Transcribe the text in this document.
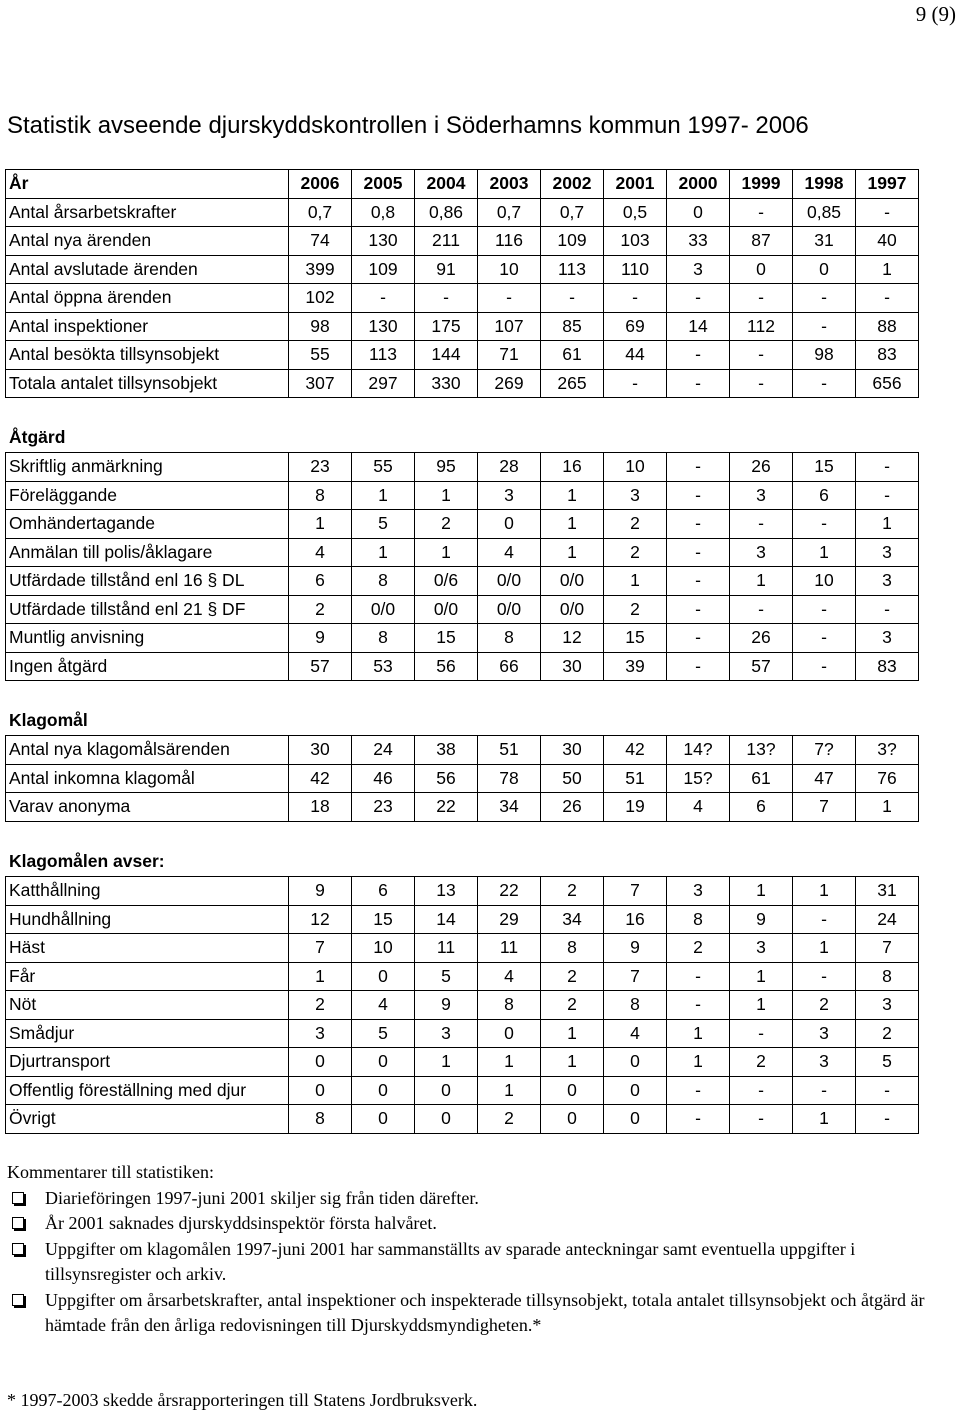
9 (9)
Statistik avseende djurskyddskontrollen i Söderhamns kommun 1997- 2006
År	2006	2005	2004	2003	2002	2001	2000	1999	1998	1997
Antal årsarbetskrafter	0,7	0,8	0,86	0,7	0,7	0,5	0	-	0,85	-
Antal nya ärenden	74	130	211	116	109	103	33	87	31	40
Antal avslutade ärenden	399	109	91	10	113	110	3	0	0	1
Antal öppna ärenden	102	-	-	-	-	-	-	-	-	-
Antal inspektioner	98	130	175	107	85	69	14	112	-	88
Antal besökta tillsynsobjekt	55	113	144	71	61	44	-	-	98	83
Totala antalet tillsynsobjekt	307	297	330	269	265	-	-	-	-	656
Åtgärd
Skriftlig anmärkning	23	55	95	28	16	10	-	26	15	-
Föreläggande	8	1	1	3	1	3	-	3	6	-
Omhändertagande	1	5	2	0	1	2	-	-	-	1
Anmälan till polis/åklagare	4	1	1	4	1	2	-	3	1	3
Utfärdade tillstånd enl 16 § DL	6	8	0/6	0/0	0/0	1	-	1	10	3
Utfärdade tillstånd enl 21 § DF	2	0/0	0/0	0/0	0/0	2	-	-	-	-
Muntlig anvisning	9	8	15	8	12	15	-	26	-	3
Ingen åtgärd	57	53	56	66	30	39	-	57	-	83
Klagomål
Antal nya klagomålsärenden	30	24	38	51	30	42	14?	13?	7?	3?
Antal inkomna klagomål	42	46	56	78	50	51	15?	61	47	76
Varav anonyma	18	23	22	34	26	19	4	6	7	1
Klagomålen avser:
Katthållning	9	6	13	22	2	7	3	1	1	31
Hundhållning	12	15	14	29	34	16	8	9	-	24
Häst	7	10	11	11	8	9	2	3	1	7
Får	1	0	5	4	2	7	-	1	-	8
Nöt	2	4	9	8	2	8	-	1	2	3
Smådjur	3	5	3	0	1	4	1	-	3	2
Djurtransport	0	0	1	1	1	0	1	2	3	5
Offentlig föreställning med djur	0	0	0	1	0	0	-	-	-	-
Övrigt	8	0	0	2	0	0	-	-	1	-
Kommentarer till statistiken:
Diarieföringen 1997-juni 2001 skiljer sig från tiden därefter.
År 2001 saknades djurskyddsinspektör första halvåret.
Uppgifter om klagomålen 1997-juni 2001 har sammanställts av sparade anteckningar samt eventuella uppgifter i tillsynsregister och arkiv.
Uppgifter om årsarbetskrafter, antal inspektioner och inspekterade tillsynsobjekt, totala antalet tillsynsobjekt och åtgärd är hämtade från den årliga redovisningen till Djurskyddsmyndigheten.*
* 1997-2003 skedde årsrapporteringen till Statens Jordbruksverk.
